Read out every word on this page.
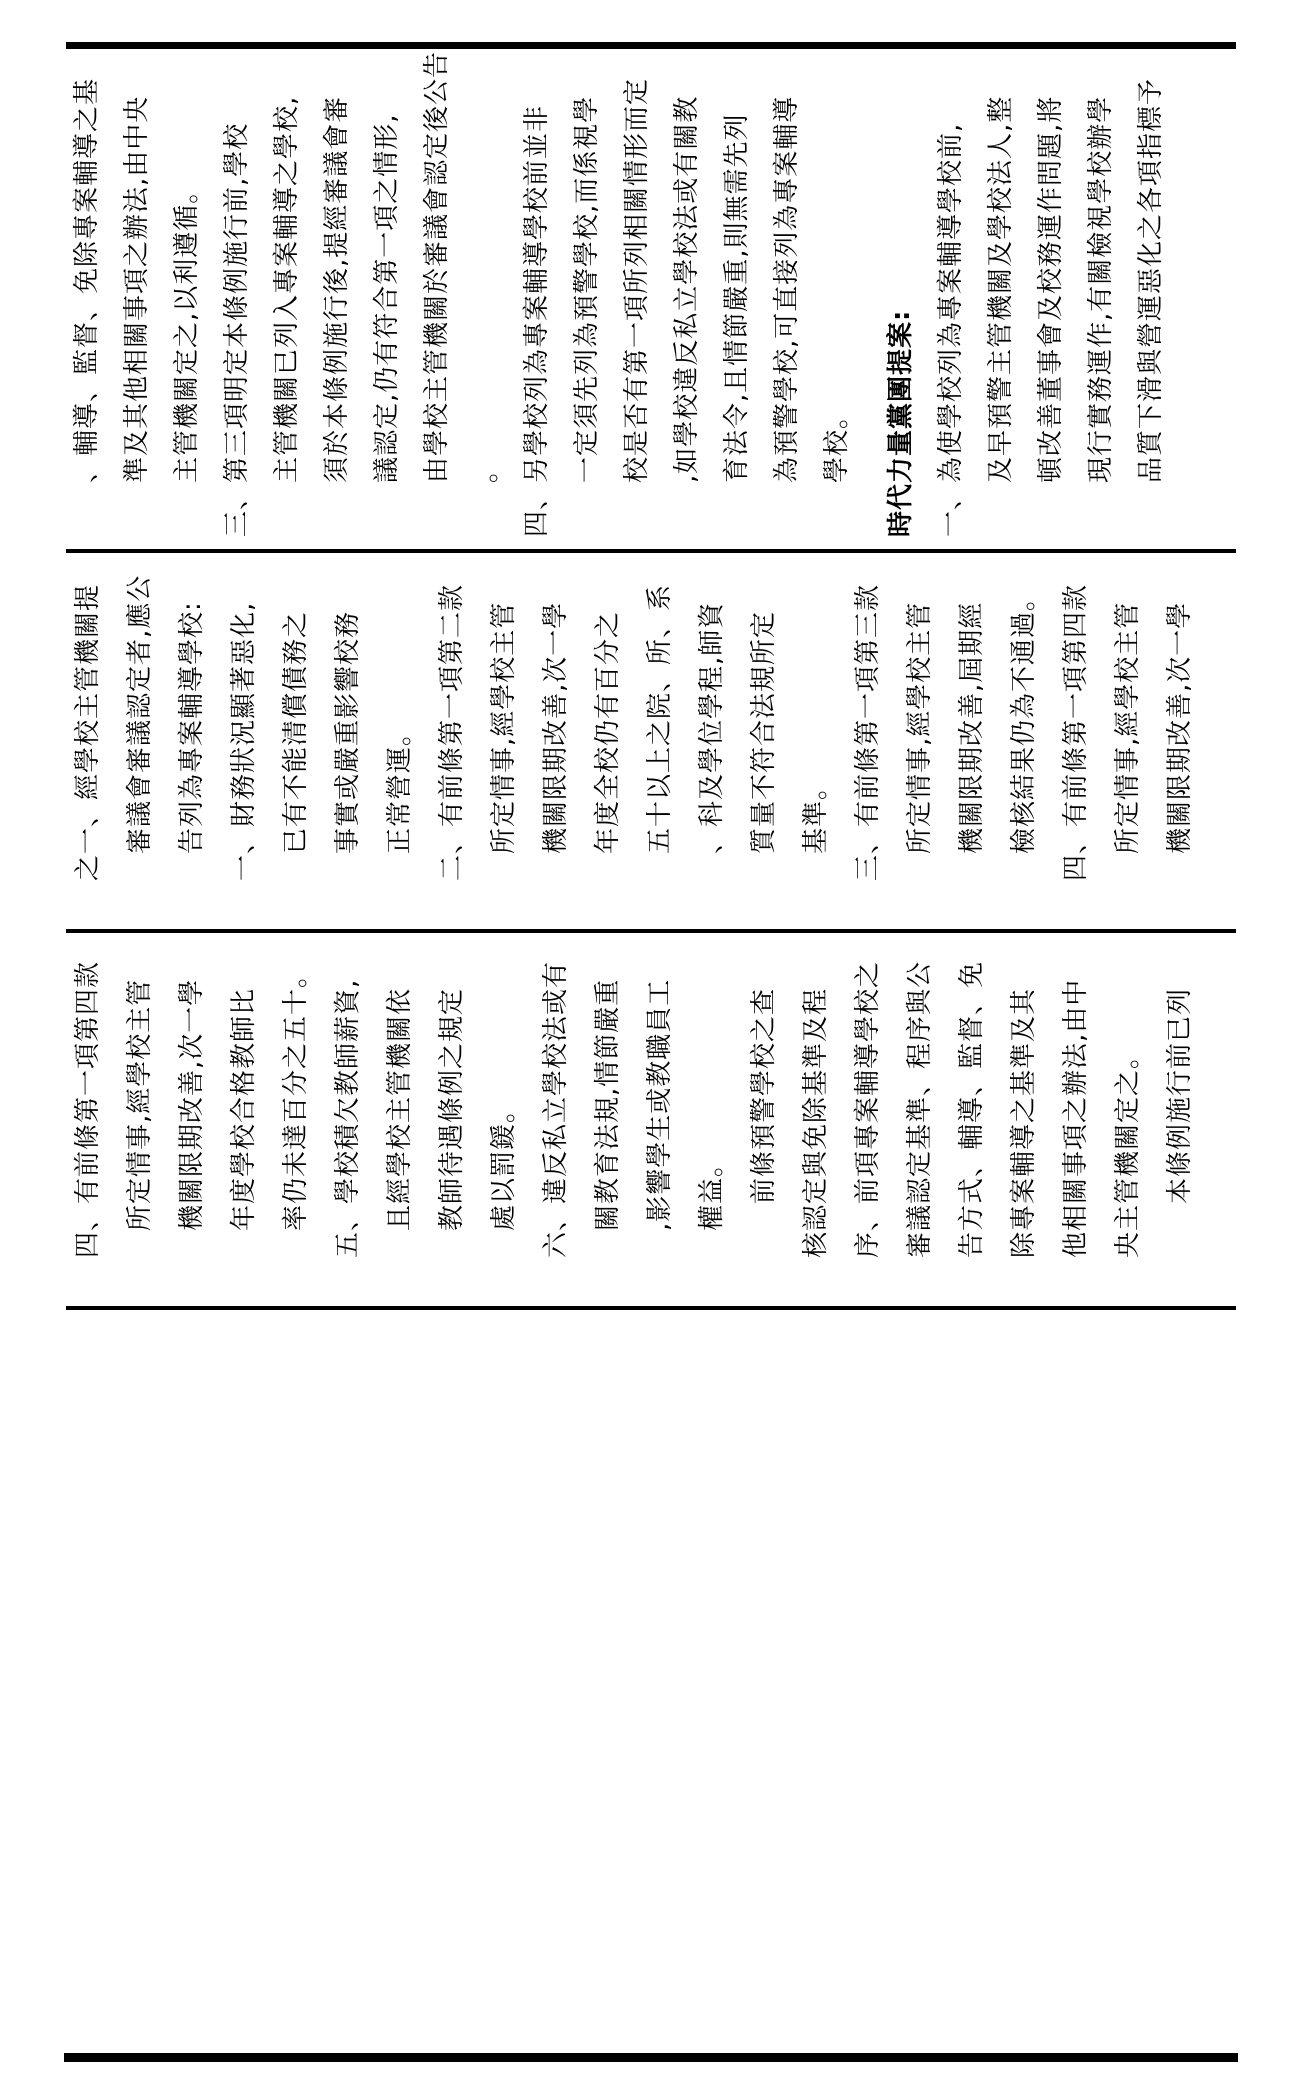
、輔導、監督、免除專案輔導之基 準及其他相關事項之辦法,由中央 主管機關定之,以利遵循。 三、第三項明定本條例施行前,學校 主管機關已列入專案輔導之學校, 須於本條例施行後,提經審議會審 議認定,仍有符合第一項之情形, 由學校主管機關於審議會認定後公告 。 四、另學校列為專案輔導學校前並非 一定須先列為預警學校,而係視學 校是否有第一項所列相關情形而定 ,如學校違反私立學校法或有關教 育法令,且情節嚴重,則無需先列 為預警學校,可直接列為專案輔導 學校。	時代力量黨團提案: 一、為使學校列為專案輔導學校前, 及早預警主管機關及學校法人,整 頓改善董事會及校務運作問題,將 現行實務運作,有關檢視學校辦學 品質下滑與營運惡化之各項指標予
之一、經學校主管機關提 審議會審議認定者,應公 告列為專案輔導學校: 一、財務狀況顯著惡化, 已有不能清償債務之 事實或嚴重影響校務 正常營運。 二、有前條第一項第二款 所定情事,經學校主管 機關限期改善,次一學 年度全校仍有百分之 五十以上之院、所、系 、科及學位學程,師資 質量不符合法規所定 基準。 三、有前條第一項第三款 所定情事,經學校主管 機關限期改善,屆期經 檢核結果仍為不通過。 四、有前條第一項第四款 所定情事,經學校主管 機關限期改善,次一學
四、有前條第一項第四款 所定情事,經學校主管 機關限期改善,次一學 年度學校合格教師比 率仍未達百分之五十。 五、學校積欠教師薪資, 且經學校主管機關依 教師待遇條例之規定 處以罰鍰。 六、違反私立學校法或有 關教育法規,情節嚴重 ,影響學生或教職員工 權益。 前條預警學校之查 核認定與免除基準及程 序、前項專案輔導學校之 審議認定基準、程序與公 告方式、輔導、監督、免 除專案輔導之基準及其 他相關事項之辦法,由中 央主管機關定之。 本條例施行前已列
